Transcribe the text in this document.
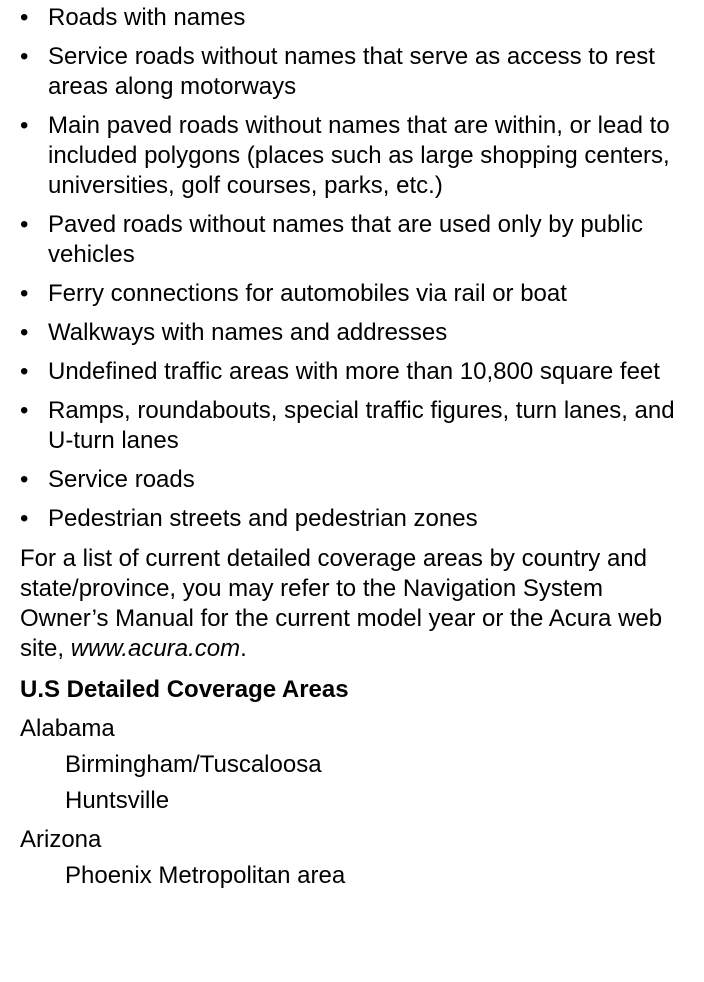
• Roads with names
• Service roads without names that serve as access to rest areas along motorways
• Main paved roads without names that are within, or lead to included polygons (places such as large shopping centers, universities, golf courses, parks, etc.)
• Paved roads without names that are used only by public vehicles
• Ferry connections for automobiles via rail or boat
• Walkways with names and addresses
• Undefined traffic areas with more than 10,800 square feet
• Ramps, roundabouts, special traffic figures, turn lanes, and U-turn lanes
• Service roads
• Pedestrian streets and pedestrian zones

For a list of current detailed coverage areas by country and state/province, you may refer to the Navigation System Owner’s Manual for the current model year or the Acura web site, www.acura.com.

U.S Detailed Coverage Areas
Alabama
Birmingham/Tuscaloosa
Huntsville
Arizona
Phoenix Metropolitan area
